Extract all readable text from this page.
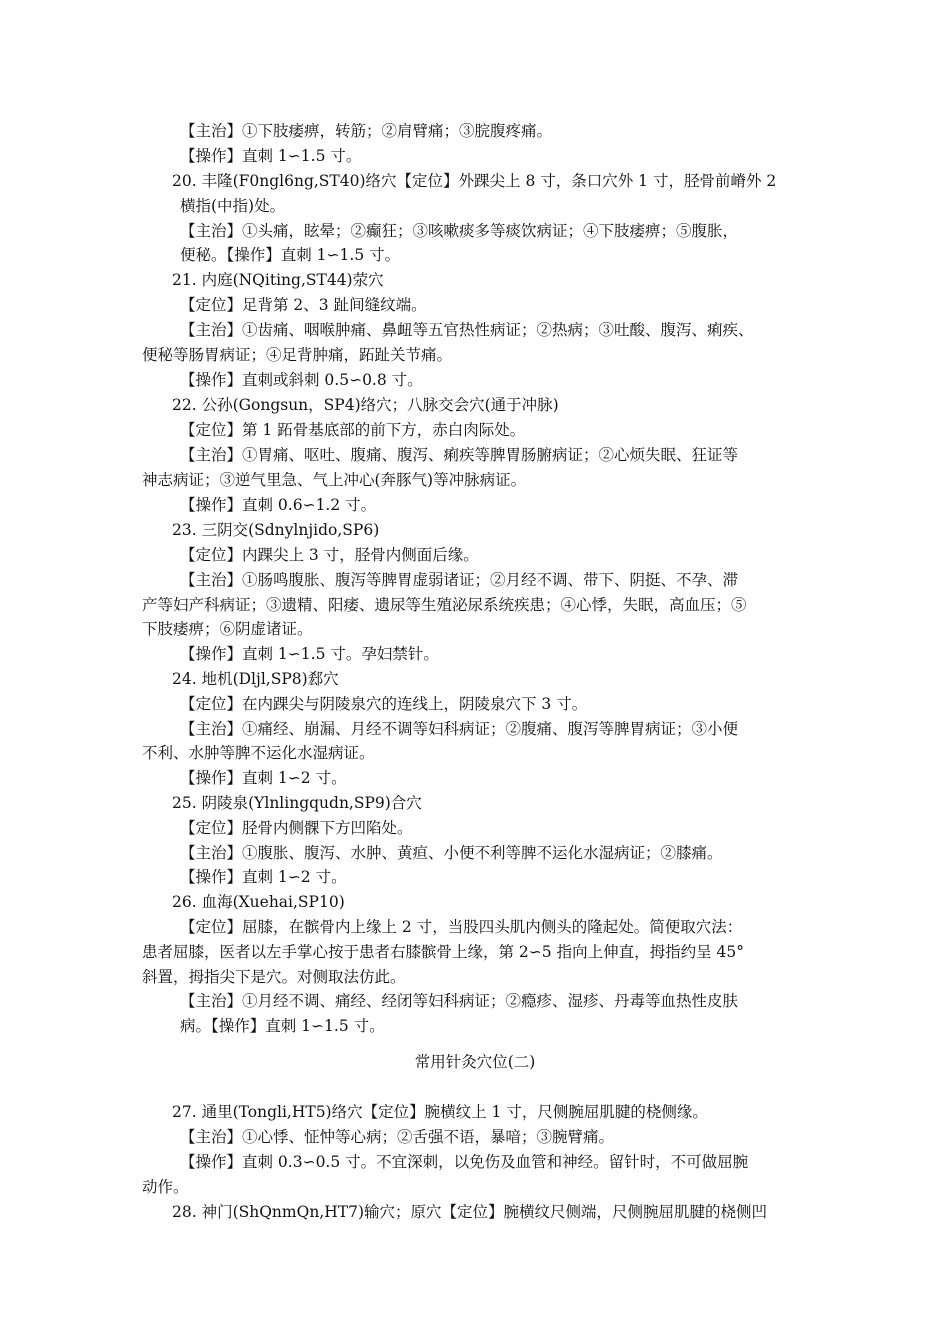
【主治】①下肢痿痹，转筋；②肩臂痛；③脘腹疼痛。
【操作】直刺 1∽1.5 寸。
20. 丰隆(F0ngl6ng,ST40)络穴【定位】外踝尖上 8 寸，条口穴外 1 寸，胫骨前嵴外 2
横指(中指)处。
【主治】①头痛，眩晕；②癫狂；③咳嗽痰多等痰饮病证；④下肢痿痹；⑤腹胀，
便秘。【操作】直刺 1∽1.5 寸。
21. 内庭(NQiting,ST44)荥穴
【定位】足背第 2、3 趾间缝纹端。
【主治】①齿痛、咽喉肿痛、鼻衄等五官热性病证；②热病；③吐酸、腹泻、痢疾、
便秘等肠胃病证；④足背肿痛，跖趾关节痛。
【操作】直刺或斜刺 0.5∽0.8 寸。
22. 公孙(Gongsun，SP4)络穴；八脉交会穴(通于冲脉)
【定位】第 1 跖骨基底部的前下方，赤白肉际处。
【主治】①胃痛、呕吐、腹痛、腹泻、痢疾等脾胃肠腑病证；②心烦失眠、狂证等
神志病证；③逆气里急、气上冲心(奔豚气)等冲脉病证。
【操作】直刺 0.6∽1.2 寸。
23. 三阴交(Sdnylnjido,SP6)
【定位】内踝尖上 3 寸，胫骨内侧面后缘。
【主治】①肠鸣腹胀、腹泻等脾胃虚弱诸证；②月经不调、带下、阴挺、不孕、滞
产等妇产科病证；③遗精、阳痿、遗尿等生殖泌尿系统疾患；④心悸，失眠，高血压；⑤
下肢痿痹；⑥阴虚诸证。
【操作】直刺 1∽1.5 寸。孕妇禁针。
24. 地机(Dljl,SP8)郄穴
【定位】在内踝尖与阴陵泉穴的连线上，阴陵泉穴下 3 寸。
【主治】①痛经、崩漏、月经不调等妇科病证；②腹痛、腹泻等脾胃病证；③小便
不利、水肿等脾不运化水湿病证。
【操作】直刺 1∽2 寸。
25. 阴陵泉(Ylnlingqudn,SP9)合穴
【定位】胫骨内侧髁下方凹陷处。
【主治】①腹胀、腹泻、水肿、黄疸、小便不利等脾不运化水湿病证；②膝痛。
【操作】直刺 1∽2 寸。
26. 血海(Xuehai,SP10)
【定位】屈膝，在髌骨内上缘上 2 寸，当股四头肌内侧头的隆起处。简便取穴法：
患者屈膝，医者以左手掌心按于患者右膝髌骨上缘，第 2∽5 指向上伸直，拇指约呈 45°
斜置，拇指尖下是穴。对侧取法仿此。
【主治】①月经不调、痛经、经闭等妇科病证；②瘾疹、湿疹、丹毒等血热性皮肤
病。【操作】直刺 1∽1.5 寸。
常用针灸穴位(二)
27. 通里(Tongli,HT5)络穴【定位】腕横纹上 1 寸，尺侧腕屈肌腱的桡侧缘。
【主治】①心悸、怔忡等心病；②舌强不语，暴喑；③腕臂痛。
【操作】直刺 0.3∽0.5 寸。不宜深刺，以免伤及血管和神经。留针时，不可做屈腕
动作。
28. 神门(ShQnmQn,HT7)输穴；原穴【定位】腕横纹尺侧端，尺侧腕屈肌腱的桡侧凹
